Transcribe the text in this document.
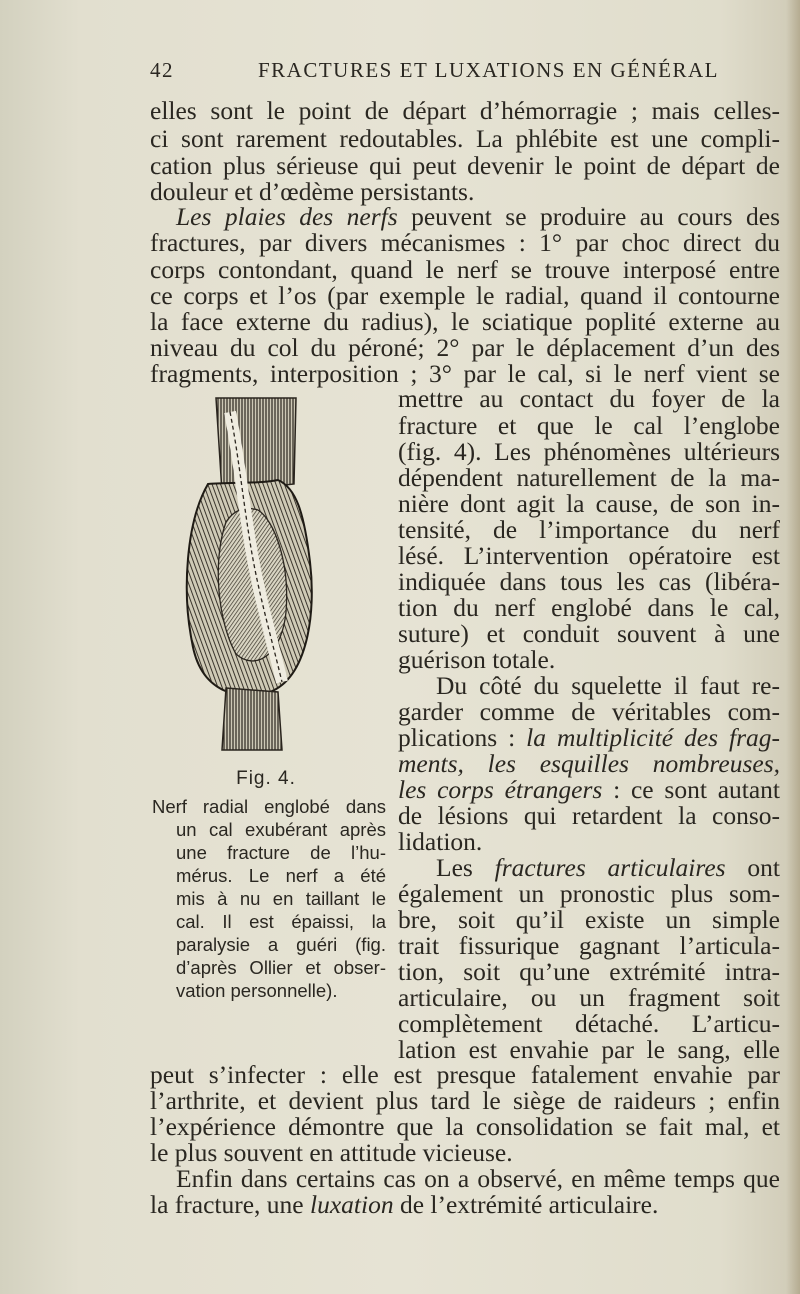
42	FRACTURES ET LUXATIONS EN GÉNÉRAL
elles sont le point de départ d’hémorragie ; mais celles-
ci sont rarement redoutables. La phlébite est une compli-
cation plus sérieuse qui peut devenir le point de départ de
douleur et d’œdème persistants.
Les plaies des nerfs peuvent se produire au cours des
fractures, par divers mécanismes : 1° par choc direct du
corps contondant, quand le nerf se trouve interposé entre
ce corps et l’os (par exemple le radial, quand il contourne
la face externe du radius), le sciatique poplité externe au
niveau du col du péroné; 2° par le déplacement d’un des
fragments, interposition ; 3° par le cal, si le nerf vient se
mettre au contact du foyer de la
fracture et que le cal l’englobe
(fig. 4). Les phénomènes ultérieurs
dépendent naturellement de la ma-
nière dont agit la cause, de son in-
tensité, de l’importance du nerf
lésé. L’intervention opératoire est
indiquée dans tous les cas (libéra-
tion du nerf englobé dans le cal,
suture) et conduit souvent à une
guérison totale.
Du côté du squelette il faut re-
garder comme de véritables com-
plications : la multiplicité des frag-
ments, les esquilles nombreuses,
les corps étrangers : ce sont autant
de lésions qui retardent la conso-
lidation.
Les fractures articulaires ont
également un pronostic plus som-
bre, soit qu’il existe un simple
trait fissurique gagnant l’articula-
tion, soit qu’une extrémité intra-
articulaire, ou un fragment soit
complètement détaché. L’articu-
lation est envahie par le sang, elle
peut s’infecter : elle est presque fatalement envahie par
l’arthrite, et devient plus tard le siège de raideurs ; enfin
l’expérience démontre que la consolidation se fait mal, et
le plus souvent en attitude vicieuse.
Enfin dans certains cas on a observé, en même temps que
la fracture, une luxation de l’extrémité articulaire.
Fig. 4.
Nerf radial englobé dans
un cal exubérant après
une fracture de l’hu-
mérus. Le nerf a été
mis à nu en taillant le
cal. Il est épaissi, la
paralysie a guéri (fig.
d’après Ollier et obser-
vation personnelle).
